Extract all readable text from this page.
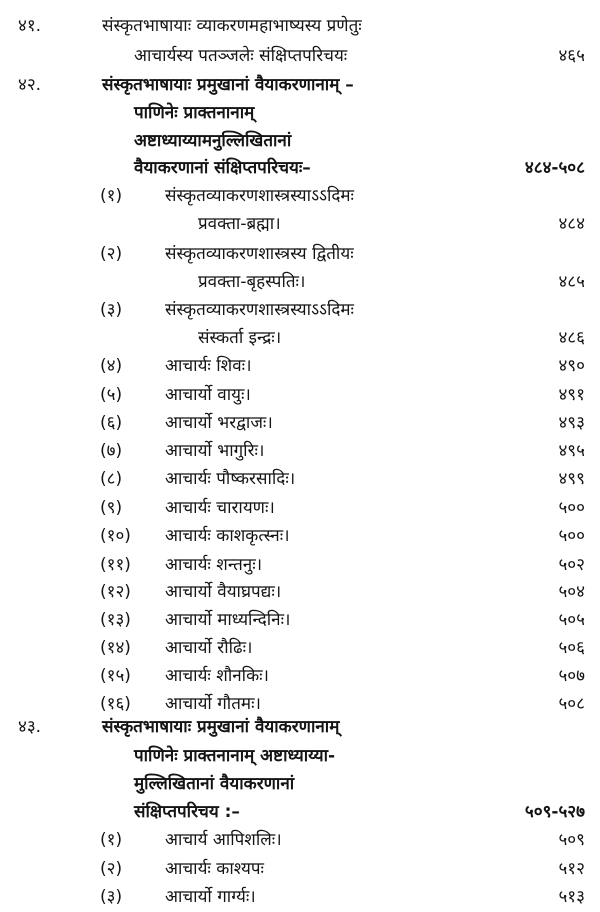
४१.	संस्कृतभाषायाः व्याकरणमहाभाष्यस्य प्रणेतुः
आचार्यस्य पतञ्जलेः संक्षिप्तपरिचयः	४६५
४२.	संस्कृतभाषायाः प्रमुखानां वैयाकरणानाम् –
पाणिनेः प्राक्तनानाम्
अष्टाध्याय्यामनुल्लिखितानां
वैयाकरणानां संक्षिप्तपरिचयः–	४८४-५०८
(१)	संस्कृतव्याकरणशास्त्रस्याऽऽदिमः
प्रवक्ता-ब्रह्मा।	४८४
(२)	संस्कृतव्याकरणशास्त्रस्य द्वितीयः
प्रवक्ता-बृहस्पतिः।	४८५
(३)	संस्कृतव्याकरणशास्त्रस्याऽऽदिमः
संस्कर्ता इन्द्रः।	४८६
(४)	आचार्यः शिवः।	४९०
(५)	आचार्यो वायुः।	४९१
(६)	आचार्यो भरद्वाजः।	४९३
(७)	आचार्यो भागुरिः।	४९५
(८)	आचार्यः पौष्करसादिः।	४९९
(९)	आचार्यः चारायणः।	५००
(१०) आचार्यः काशकृत्स्नः।	५००
(११) आचार्यः शन्तनुः।	५०२
(१२) आचार्यो वैयाघ्रपद्यः।	५०४
(१३) आचार्यो माध्यन्दिनिः।	५०५
(१४) आचार्यो रौढिः।	५०६
(१५) आचार्यः शौनकिः।	५०७
(१६) आचार्यो गौतमः।	५०८
४३.	संस्कृतभाषायाः प्रमुखानां वैयाकरणानाम्
पाणिनेः प्राक्तनानाम् अष्टाध्याय्या-
मुल्लिखितानां वैयाकरणानां
संक्षिप्तपरिचय :–	५०९-५२७
(१)	आचार्य आपिशलिः।	५०९
(२)	आचार्यः काश्यपः	५१२
(३)	आचार्यो गार्ग्यः।	५१३
